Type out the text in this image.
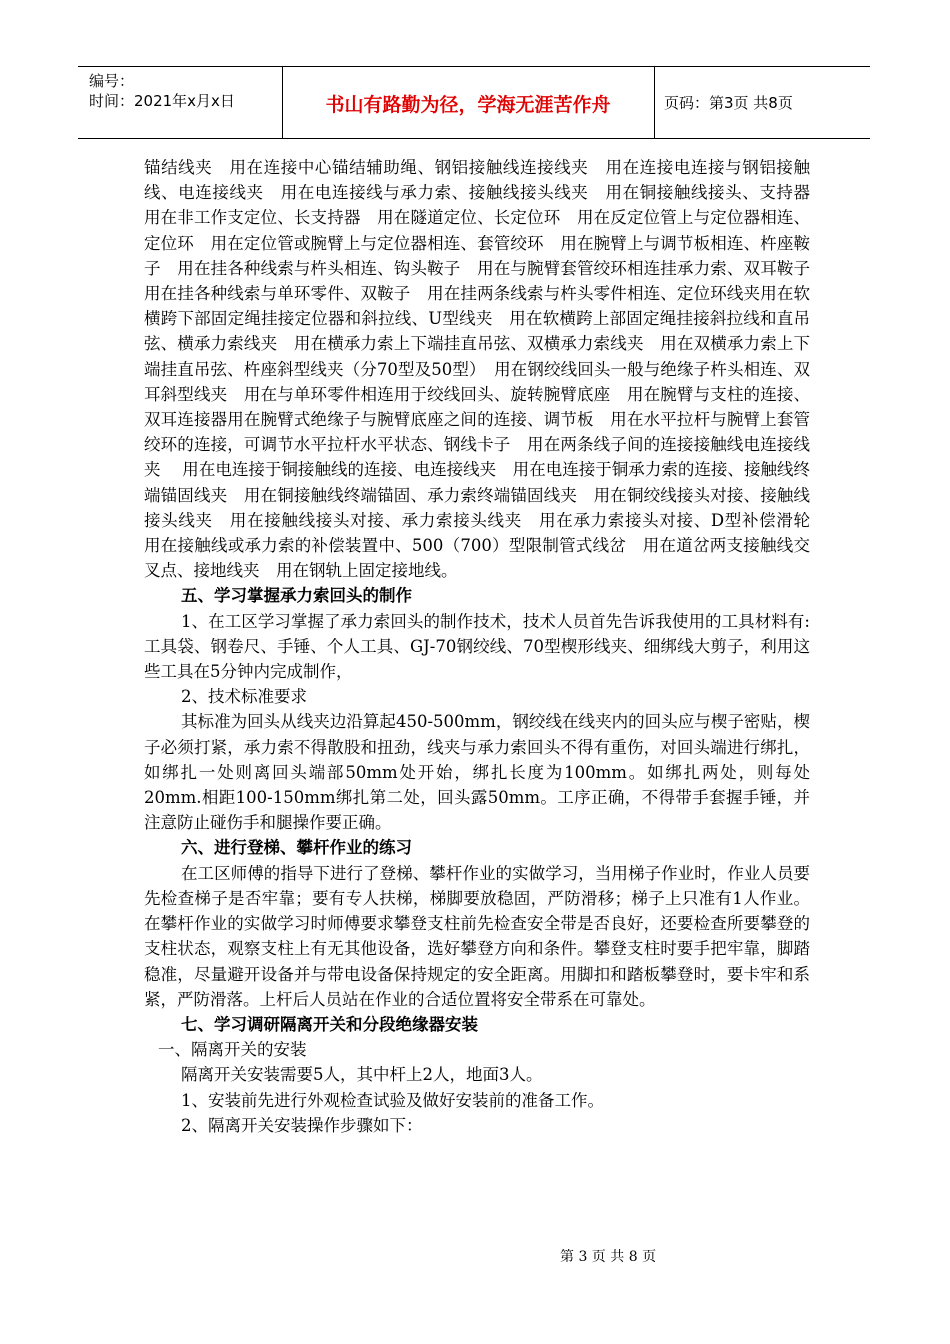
编号：
时间：2021年x月x日	书山有路勤为径，学海无涯苦作舟	页码：第3页 共8页

锚结线夹　用在连接中心锚结辅助绳、钢铝接触线连接线夹　用在连接电连接与钢铝接触线、电连接线夹　用在电连接线与承力索、接触线接头线夹　用在铜接触线接头、支持器　用在非工作支定位、长支持器　用在隧道定位、长定位环　用在反定位管上与定位器相连、定位环　用在定位管或腕臂上与定位器相连、套管绞环　用在腕臂上与调节板相连、杵座鞍子　用在挂各种线索与杵头相连、钩头鞍子　用在与腕臂套管绞环相连挂承力索、双耳鞍子　用在挂各种线索与单环零件、双鞍子　用在挂两条线索与杵头零件相连、定位环线夹用在软横跨下部固定绳挂接定位器和斜拉线、U型线夹　用在软横跨上部固定绳挂接斜拉线和直吊弦、横承力索线夹　用在横承力索上下端挂直吊弦、双横承力索线夹　用在双横承力索上下端挂直吊弦、杵座斜型线夹（分70型及50型）　用在钢绞线回头一般与绝缘子杵头相连、双耳斜型线夹　用在与单环零件相连用于绞线回头、旋转腕臂底座　用在腕臂与支柱的连接、双耳连接器用在腕臂式绝缘子与腕臂底座之间的连接、调节板　用在水平拉杆与腕臂上套管绞环的连接，可调节水平拉杆水平状态、钢线卡子　用在两条线子间的连接接触线电连接线夹　 用在电连接于铜接触线的连接、电连接线夹　用在电连接于铜承力索的连接、接触线终端锚固线夹　用在铜接触线终端锚固、承力索终端锚固线夹　用在铜绞线接头对接、接触线接头线夹　用在接触线接头对接、承力索接头线夹　用在承力索接头对接、D型补偿滑轮　用在接触线或承力索的补偿装置中、500（700）型限制管式线岔　用在道岔两支接触线交叉点、接地线夹　用在钢轨上固定接地线。

五、学习掌握承力索回头的制作

1、在工区学习掌握了承力索回头的制作技术，技术人员首先告诉我使用的工具材料有:工具袋、钢卷尺、手锤、个人工具、GJ-70钢绞线、70型楔形线夹、细绑线大剪子，利用这些工具在5分钟内完成制作，

2、技术标准要求

其标准为回头从线夹边沿算起450-500mm，钢绞线在线夹内的回头应与楔子密贴，楔子必须打紧，承力索不得散股和扭劲，线夹与承力索回头不得有重伤，对回头端进行绑扎，如绑扎一处则离回头端部50mm处开始，绑扎长度为100mm。如绑扎两处，则每处20mm.相距100-150mm绑扎第二处，回头露50mm。工序正确，不得带手套握手锤，并注意防止碰伤手和腿操作要正确。

六、进行登梯、攀杆作业的练习

在工区师傅的指导下进行了登梯、攀杆作业的实做学习，当用梯子作业时，作业人员要先检查梯子是否牢靠；要有专人扶梯，梯脚要放稳固，严防滑移；梯子上只准有1人作业。在攀杆作业的实做学习时师傅要求攀登支柱前先检查安全带是否良好，还要检查所要攀登的支柱状态，观察支柱上有无其他设备，选好攀登方向和条件。攀登支柱时要手把牢靠，脚踏稳准，尽量避开设备并与带电设备保持规定的安全距离。用脚扣和踏板攀登时，要卡牢和系紧，严防滑落。上杆后人员站在作业的合适位置将安全带系在可靠处。

七、学习调研隔离开关和分段绝缘器安装

一、隔离开关的安装

隔离开关安装需要5人，其中杆上2人，地面3人。

1、安装前先进行外观检查试验及做好安装前的准备工作。

2、隔离开关安装操作步骤如下：

第 3 页 共 8 页
